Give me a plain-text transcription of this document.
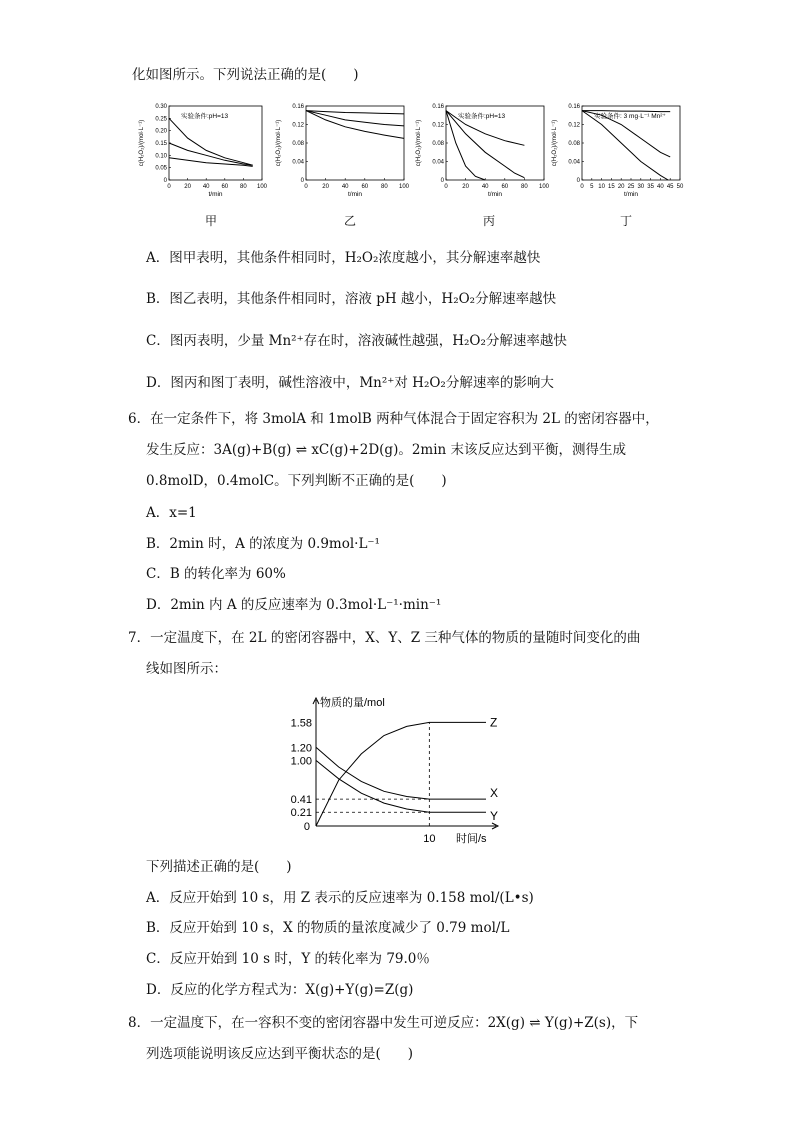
化如图所示。下列说法正确的是(　　)
c(H₂O₂)/(mol·L⁻¹)
0
0.05
0.10
0.15
0.20
0.25
0.30
0 20 40 60 80 100
t/min
实验条件:pH=13
c(H₂O₂)/(mol·L⁻¹)
0
0.04
0.08
0.12
0.16
0 20 40 60 80 100
t/min
c(H₂O₂)/(mol·L⁻¹)
0
0.04
0.08
0.12
0.16
0 20 40 60 80 100
t/min
实验条件:pH=13
c(H₂O₂)/(mol·L⁻¹)
0
0.04
0.08
0.12
0.16
0 5 10 15 20 25 30 35 40 45 50
t/min
实验条件: 3 mg·L⁻¹ Mn²⁺
甲	乙	丙	丁
A．图甲表明，其他条件相同时，H₂O₂浓度越小，其分解速率越快
B．图乙表明，其他条件相同时，溶液 pH 越小，H₂O₂分解速率越快
C．图丙表明，少量 Mn²⁺存在时，溶液碱性越强，H₂O₂分解速率越快
D．图丙和图丁表明，碱性溶液中，Mn²⁺对 H₂O₂分解速率的影响大
6．在一定条件下，将 3molA 和 1molB 两种气体混合于固定容积为 2L 的密闭容器中，
发生反应：3A(g)+B(g) ⇌ xC(g)+2D(g)。2min 末该反应达到平衡，测得生成
0.8molD，0.4molC。下列判断不正确的是(　　)
A．x=1
B．2min 时，A 的浓度为 0.9mol·L⁻¹
C．B 的转化率为 60%
D．2min 内 A 的反应速率为 0.3mol·L⁻¹·min⁻¹
7．一定温度下，在 2L 的密闭容器中，X、Y、Z 三种气体的物质的量随时间变化的曲
线如图所示：
物质的量/mol
时间/s
0
0.21
0.41
1.00
1.20
1.58
10
Z
X
Y
下列描述正确的是(　　)
A．反应开始到 10 s，用 Z 表示的反应速率为 0.158 mol/(L•s)
B．反应开始到 10 s，X 的物质的量浓度减少了 0.79 mol/L
C．反应开始到 10 s 时，Y 的转化率为 79.0％
D．反应的化学方程式为：X(g)+Y(g)=Z(g)
8．一定温度下，在一容积不变的密闭容器中发生可逆反应：2X(g) ⇌ Y(g)+Z(s)，下
列选项能说明该反应达到平衡状态的是(　　)
